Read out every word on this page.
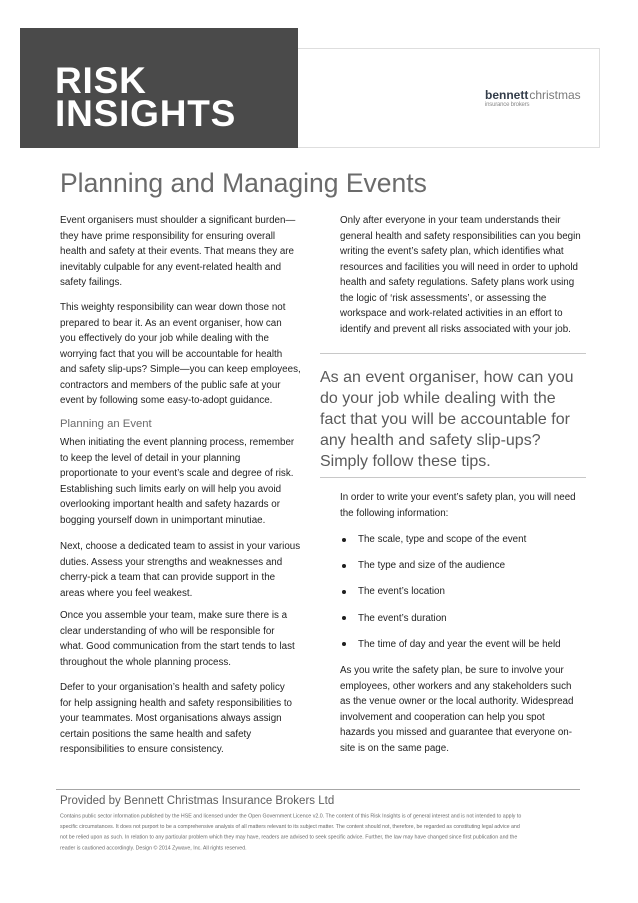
RISK
INSIGHTS	bennettchristmas
insurance brokers
Planning and Managing Events
Event organisers must shoulder a significant burden—
they have prime responsibility for ensuring overall
health and safety at their events. That means they are
inevitably culpable for any event-related health and
safety failings.
This weighty responsibility can wear down those not
prepared to bear it. As an event organiser, how can
you effectively do your job while dealing with the
worrying fact that you will be accountable for health
and safety slip-ups? Simple—you can keep employees,
contractors and members of the public safe at your
event by following some easy-to-adopt guidance.
Planning an Event
When initiating the event planning process, remember
to keep the level of detail in your planning
proportionate to your event’s scale and degree of risk.
Establishing such limits early on will help you avoid
overlooking important health and safety hazards or
bogging yourself down in unimportant minutiae.
Next, choose a dedicated team to assist in your various
duties. Assess your strengths and weaknesses and
cherry-pick a team that can provide support in the
areas where you feel weakest.
Once you assemble your team, make sure there is a
clear understanding of who will be responsible for
what. Good communication from the start tends to last
throughout the whole planning process.
Defer to your organisation’s health and safety policy
for help assigning health and safety responsibilities to
your teammates. Most organisations always assign
certain positions the same health and safety
responsibilities to ensure consistency.
Only after everyone in your team understands their
general health and safety responsibilities can you begin
writing the event’s safety plan, which identifies what
resources and facilities you will need in order to uphold
health and safety regulations. Safety plans work using
the logic of ‘risk assessments’, or assessing the
workspace and work-related activities in an effort to
identify and prevent all risks associated with your job.
As an event organiser, how can you
do your job while dealing with the
fact that you will be accountable for
any health and safety slip-ups?
Simply follow these tips.
In order to write your event’s safety plan, you will need
the following information:
The scale, type and scope of the event
The type and size of the audience
The event’s location
The event’s duration
The time of day and year the event will be held
As you write the safety plan, be sure to involve your
employees, other workers and any stakeholders such
as the venue owner or the local authority. Widespread
involvement and cooperation can help you spot
hazards you missed and guarantee that everyone on-
site is on the same page.
Provided by Bennett Christmas Insurance Brokers Ltd
Contains public sector information published by the HSE and licensed under the Open Government Licence v2.0. The content of this Risk Insights is of general interest and is not intended to apply to
specific circumstances. It does not purport to be a comprehensive analysis of all matters relevant to its subject matter. The content should not, therefore, be regarded as constituting legal advice and
not be relied upon as such. In relation to any particular problem which they may have, readers are advised to seek specific advice. Further, the law may have changed since first publication and the
reader is cautioned accordingly. Design © 2014 Zywave, Inc. All rights reserved.
